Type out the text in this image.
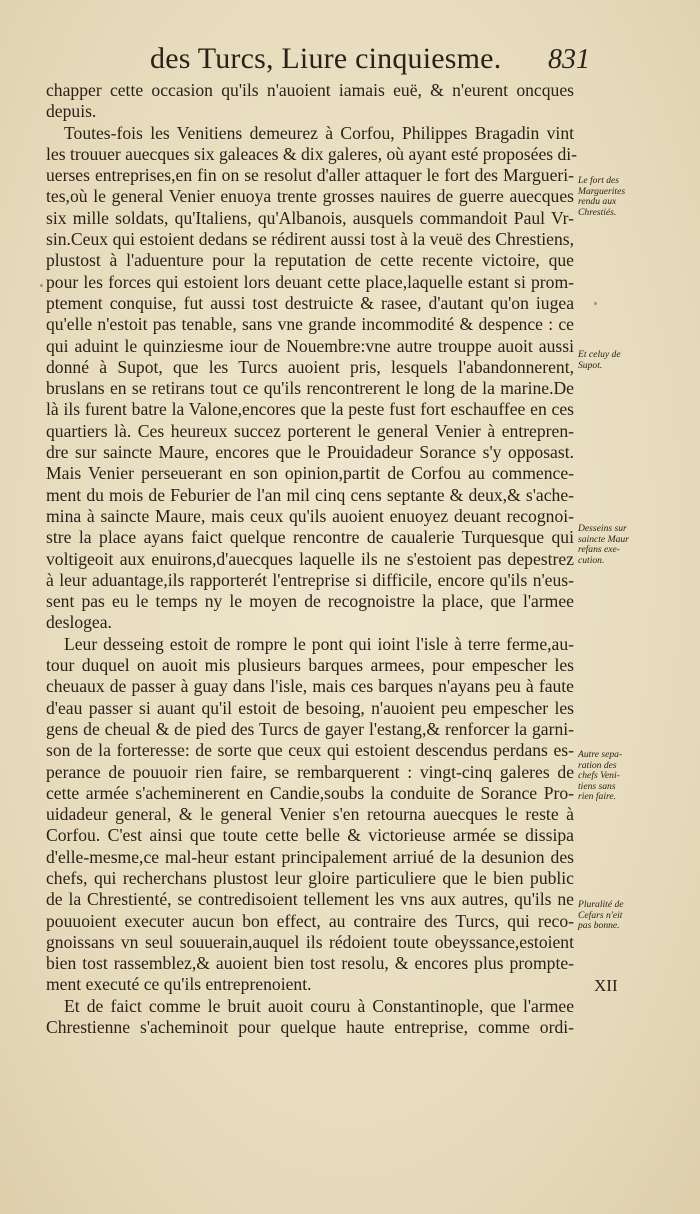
des Turcs, Liure cinquiesme. 831
chapper cette occasion qu'ils n'auoient iamais euë, & n'eurent oncques
depuis.
Toutes-fois les Venitiens demeurez à Corfou, Philippes Bragadin vint
les trouuer auecques six galeaces & dix galeres, où ayant esté proposées di-
uerses entreprises,en fin on se resolut d'aller attaquer le fort des Margueri-
tes,où le general Venier enuoya trente grosses nauires de guerre auecques
six mille soldats, qu'Italiens, qu'Albanois, ausquels commandoit Paul Vr-
sin.Ceux qui estoient dedans se rédirent aussi tost à la veuë des Chrestiens,
plustost à l'aduenture pour la reputation de cette recente victoire, que
pour les forces qui estoient lors deuant cette place,laquelle estant si prom-
ptement conquise, fut aussi tost destruicte & rasee, d'autant qu'on iugea
qu'elle n'estoit pas tenable, sans vne grande incommodité & despence : ce
qui aduint le quinziesme iour de Nouembre:vne autre trouppe auoit aussi
donné à Supot, que les Turcs auoient pris, lesquels l'abandonnerent,
bruslans en se retirans tout ce qu'ils rencontrerent le long de la marine.De
là ils furent batre la Valone,encores que la peste fust fort eschauffee en ces
quartiers là. Ces heureux succez porterent le general Venier à entrepren-
dre sur saincte Maure, encores que le Prouidadeur Sorance s'y opposast.
Mais Venier perseuerant en son opinion,partit de Corfou au commence-
ment du mois de Feburier de l'an mil cinq cens septante & deux,& s'ache-
mina à saincte Maure, mais ceux qu'ils auoient enuoyez deuant recognoi-
stre la place ayans faict quelque rencontre de caualerie Turquesque qui
voltigeoit aux enuirons,d'auecques laquelle ils ne s'estoient pas depestrez
à leur aduantage,ils rapporterét l'entreprise si difficile, encore qu'ils n'eus-
sent pas eu le temps ny le moyen de recognoistre la place, que l'armee
deslogea.
Leur desseing estoit de rompre le pont qui ioint l'isle à terre ferme,au-
tour duquel on auoit mis plusieurs barques armees, pour empescher les
cheuaux de passer à guay dans l'isle, mais ces barques n'ayans peu à faute
d'eau passer si auant qu'il estoit de besoing, n'auoient peu empescher les
gens de cheual & de pied des Turcs de gayer l'estang,& renforcer la garni-
son de la forteresse: de sorte que ceux qui estoient descendus perdans es-
perance de pouuoir rien faire, se rembarquerent : vingt-cinq galeres de
cette armée s'acheminerent en Candie,soubs la conduite de Sorance Pro-
uidadeur general, & le general Venier s'en retourna auecques le reste à
Corfou. C'est ainsi que toute cette belle & victorieuse armée se dissipa
d'elle-mesme,ce mal-heur estant principalement arriué de la desunion des
chefs, qui recherchans plustost leur gloire particuliere que le bien public
de la Chrestienté, se contredisoient tellement les vns aux autres, qu'ils ne
pouuoient executer aucun bon effect, au contraire des Turcs, qui reco-
gnoissans vn seul souuerain,auquel ils rédoient toute obeyssance,estoient
bien tost rassemblez,& auoient bien tost resolu, & encores plus prompte-
ment executé ce qu'ils entreprenoient.
Et de faict comme le bruit auoit couru à Constantinople, que l'armee
Chrestienne s'acheminoit pour quelque haute entreprise, comme ordi-
Le fort des
Marguerites
rendu aux
Chrestiés.
Et celuy de
Supot.
Desseins sur
saincte Maur
refans exe-
cution.
Autre sepa-
ration des
chefs Veni-
tiens sans
rien faire.
Pluralité de
Cefars n'eit
pas bonne.
XII
